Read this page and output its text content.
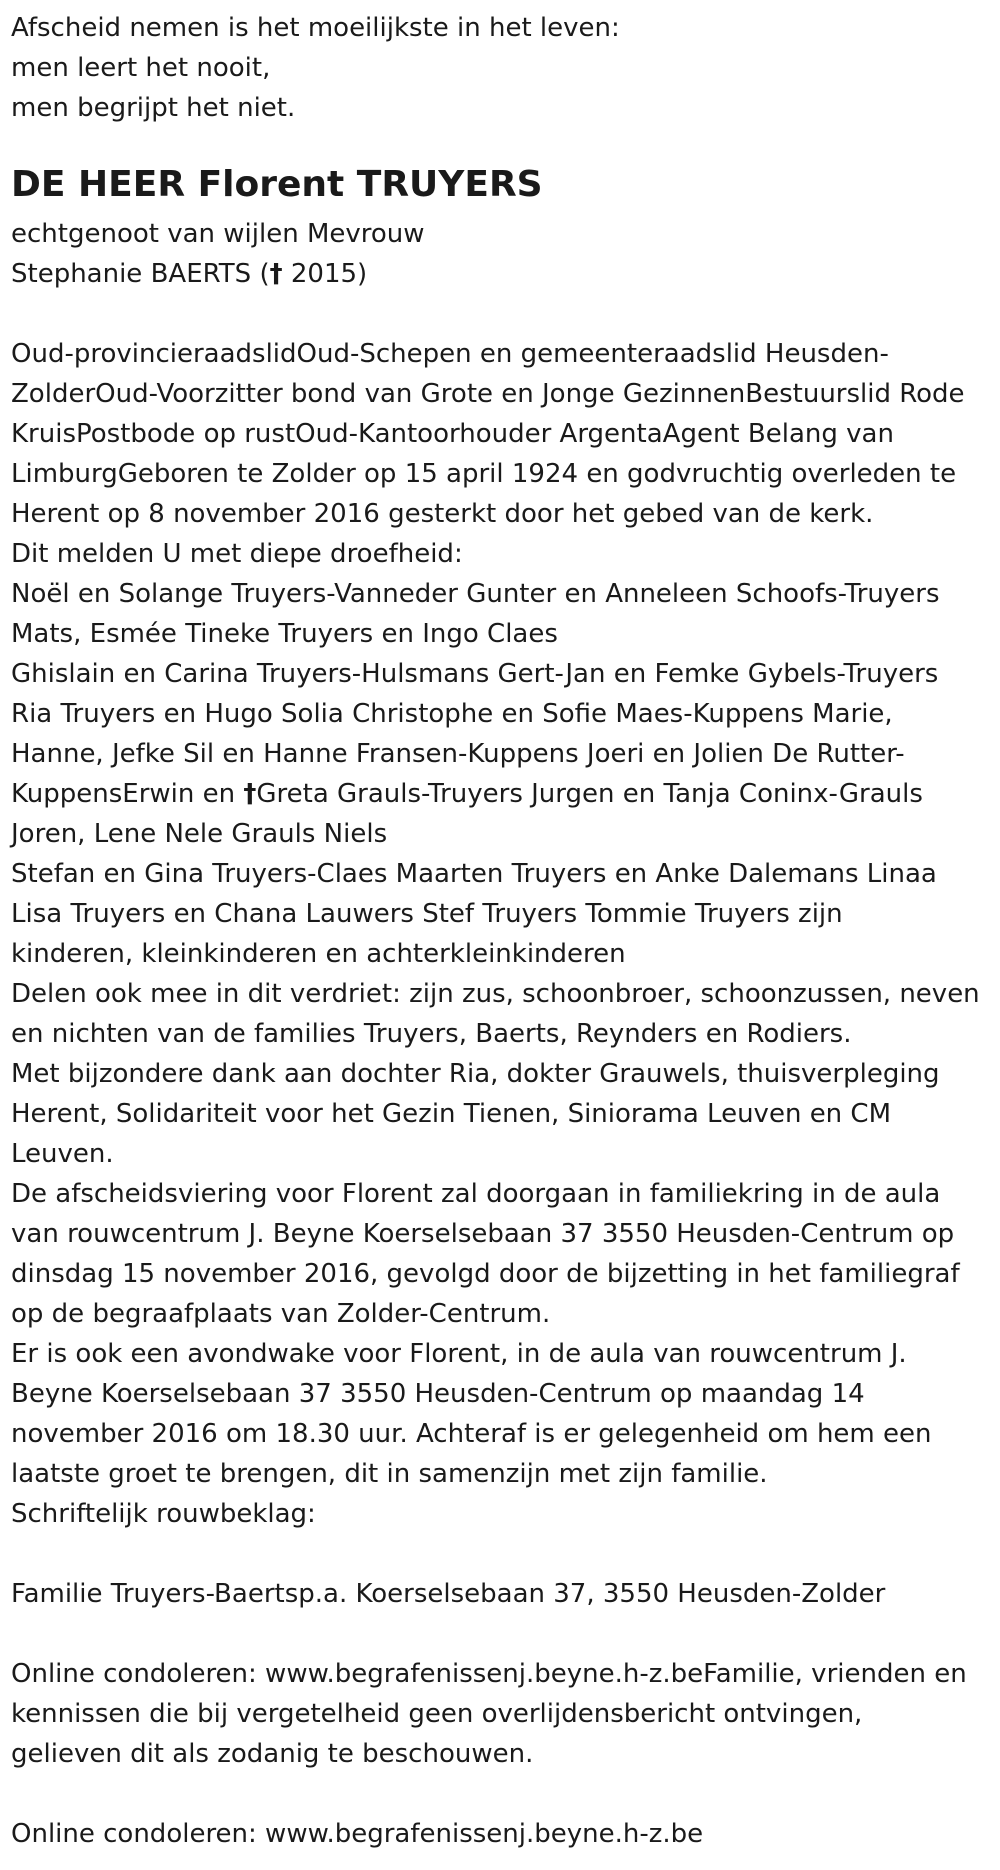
Afscheid nemen is het moeilijkste in het leven:
men leert het nooit,
men begrijpt het niet.
DE HEER Florent TRUYERS
echtgenoot van wijlen Mevrouw
Stephanie BAERTS († 2015)
Oud-provincieraadslidOud-Schepen en gemeenteraadslid Heusden-
ZolderOud-Voorzitter bond van Grote en Jonge GezinnenBestuurslid Rode
KruisPostbode op rustOud-Kantoorhouder ArgentaAgent Belang van
LimburgGeboren te Zolder op 15 april 1924 en godvruchtig overleden te
Herent op 8 november 2016 gesterkt door het gebed van de kerk.
Dit melden U met diepe droefheid:
Noël en Solange Truyers-Vanneder Gunter en Anneleen Schoofs-Truyers
Mats, Esmée Tineke Truyers en Ingo Claes
Ghislain en Carina Truyers-Hulsmans Gert-Jan en Femke Gybels-Truyers
Ria Truyers en Hugo Solia Christophe en Sofie Maes-Kuppens Marie,
Hanne, Jefke Sil en Hanne Fransen-Kuppens Joeri en Jolien De Rutter-
KuppensErwin en †Greta Grauls-Truyers Jurgen en Tanja Coninx-Grauls
Joren, Lene Nele Grauls Niels
Stefan en Gina Truyers-Claes Maarten Truyers en Anke Dalemans Linaa
Lisa Truyers en Chana Lauwers Stef Truyers Tommie Truyers zijn
kinderen, kleinkinderen en achterkleinkinderen
Delen ook mee in dit verdriet: zijn zus, schoonbroer, schoonzussen, neven
en nichten van de families Truyers, Baerts, Reynders en Rodiers.
Met bijzondere dank aan dochter Ria, dokter Grauwels, thuisverpleging
Herent, Solidariteit voor het Gezin Tienen, Siniorama Leuven en CM
Leuven.
De afscheidsviering voor Florent zal doorgaan in familiekring in de aula
van rouwcentrum J. Beyne Koerselsebaan 37 3550 Heusden-Centrum op
dinsdag 15 november 2016, gevolgd door de bijzetting in het familiegraf
op de begraafplaats van Zolder-Centrum.
Er is ook een avondwake voor Florent, in de aula van rouwcentrum J.
Beyne Koerselsebaan 37 3550 Heusden-Centrum op maandag 14
november 2016 om 18.30 uur. Achteraf is er gelegenheid om hem een
laatste groet te brengen, dit in samenzijn met zijn familie.
Schriftelijk rouwbeklag:
Familie Truyers-Baertsp.a. Koerselsebaan 37, 3550 Heusden-Zolder
Online condoleren: www.begrafenissenj.beyne.h-z.beFamilie, vrienden en
kennissen die bij vergetelheid geen overlijdensbericht ontvingen,
gelieven dit als zodanig te beschouwen.
Online condoleren: www.begrafenissenj.beyne.h-z.be
